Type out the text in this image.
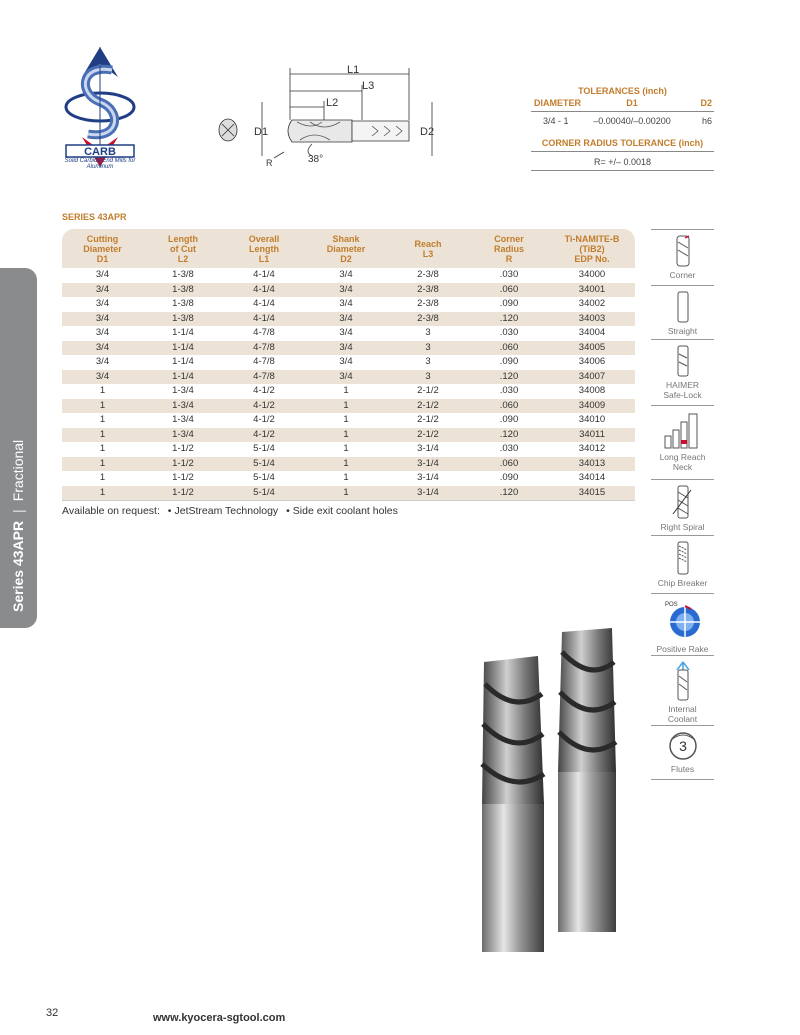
Series 43APR|Fractional
CARB
Solid Carbide End Mills for Aluminum
L1
L3
L2
D1	D2
R	38°
TOLERANCES (inch)
DIAMETER	D1	D2
3/4 - 1	–0.00040/–0.00200	h6
CORNER RADIUS TOLERANCE (inch)
R= +/– 0.0018
SERIES 43APR
Cutting
Diameter
D1	Length
of Cut
L2	Overall
Length
L1	Shank
Diameter
D2	Reach
L3	Corner
Radius
R	Ti-NAMITE-B
(TiB2)
EDP No.

3/4	1-3/8	4-1/4	3/4	2-3/8	.030	34000
3/4	1-3/8	4-1/4	3/4	2-3/8	.060	34001
3/4	1-3/8	4-1/4	3/4	2-3/8	.090	34002
3/4	1-3/8	4-1/4	3/4	2-3/8	.120	34003
3/4	1-1/4	4-7/8	3/4	3	.030	34004
3/4	1-1/4	4-7/8	3/4	3	.060	34005
3/4	1-1/4	4-7/8	3/4	3	.090	34006
3/4	1-1/4	4-7/8	3/4	3	.120	34007
1	1-3/4	4-1/2	1	2-1/2	.030	34008
1	1-3/4	4-1/2	1	2-1/2	.060	34009
1	1-3/4	4-1/2	1	2-1/2	.090	34010
1	1-3/4	4-1/2	1	2-1/2	.120	34011
1	1-1/2	5-1/4	1	3-1/4	.030	34012
1	1-1/2	5-1/4	1	3-1/4	.060	34013
1	1-1/2	5-1/4	1	3-1/4	.090	34014
1	1-1/2	5-1/4	1	3-1/4	.120	34015
Available on request: • JetStream Technology • Side exit coolant holes
Corner
Straight
HAIMER
Safe-Lock
Long Reach
Neck
Right Spiral
Chip Breaker
POS
Positive Rake
Internal
Coolant
3
Flutes
32	www.kyocera-sgtool.com
